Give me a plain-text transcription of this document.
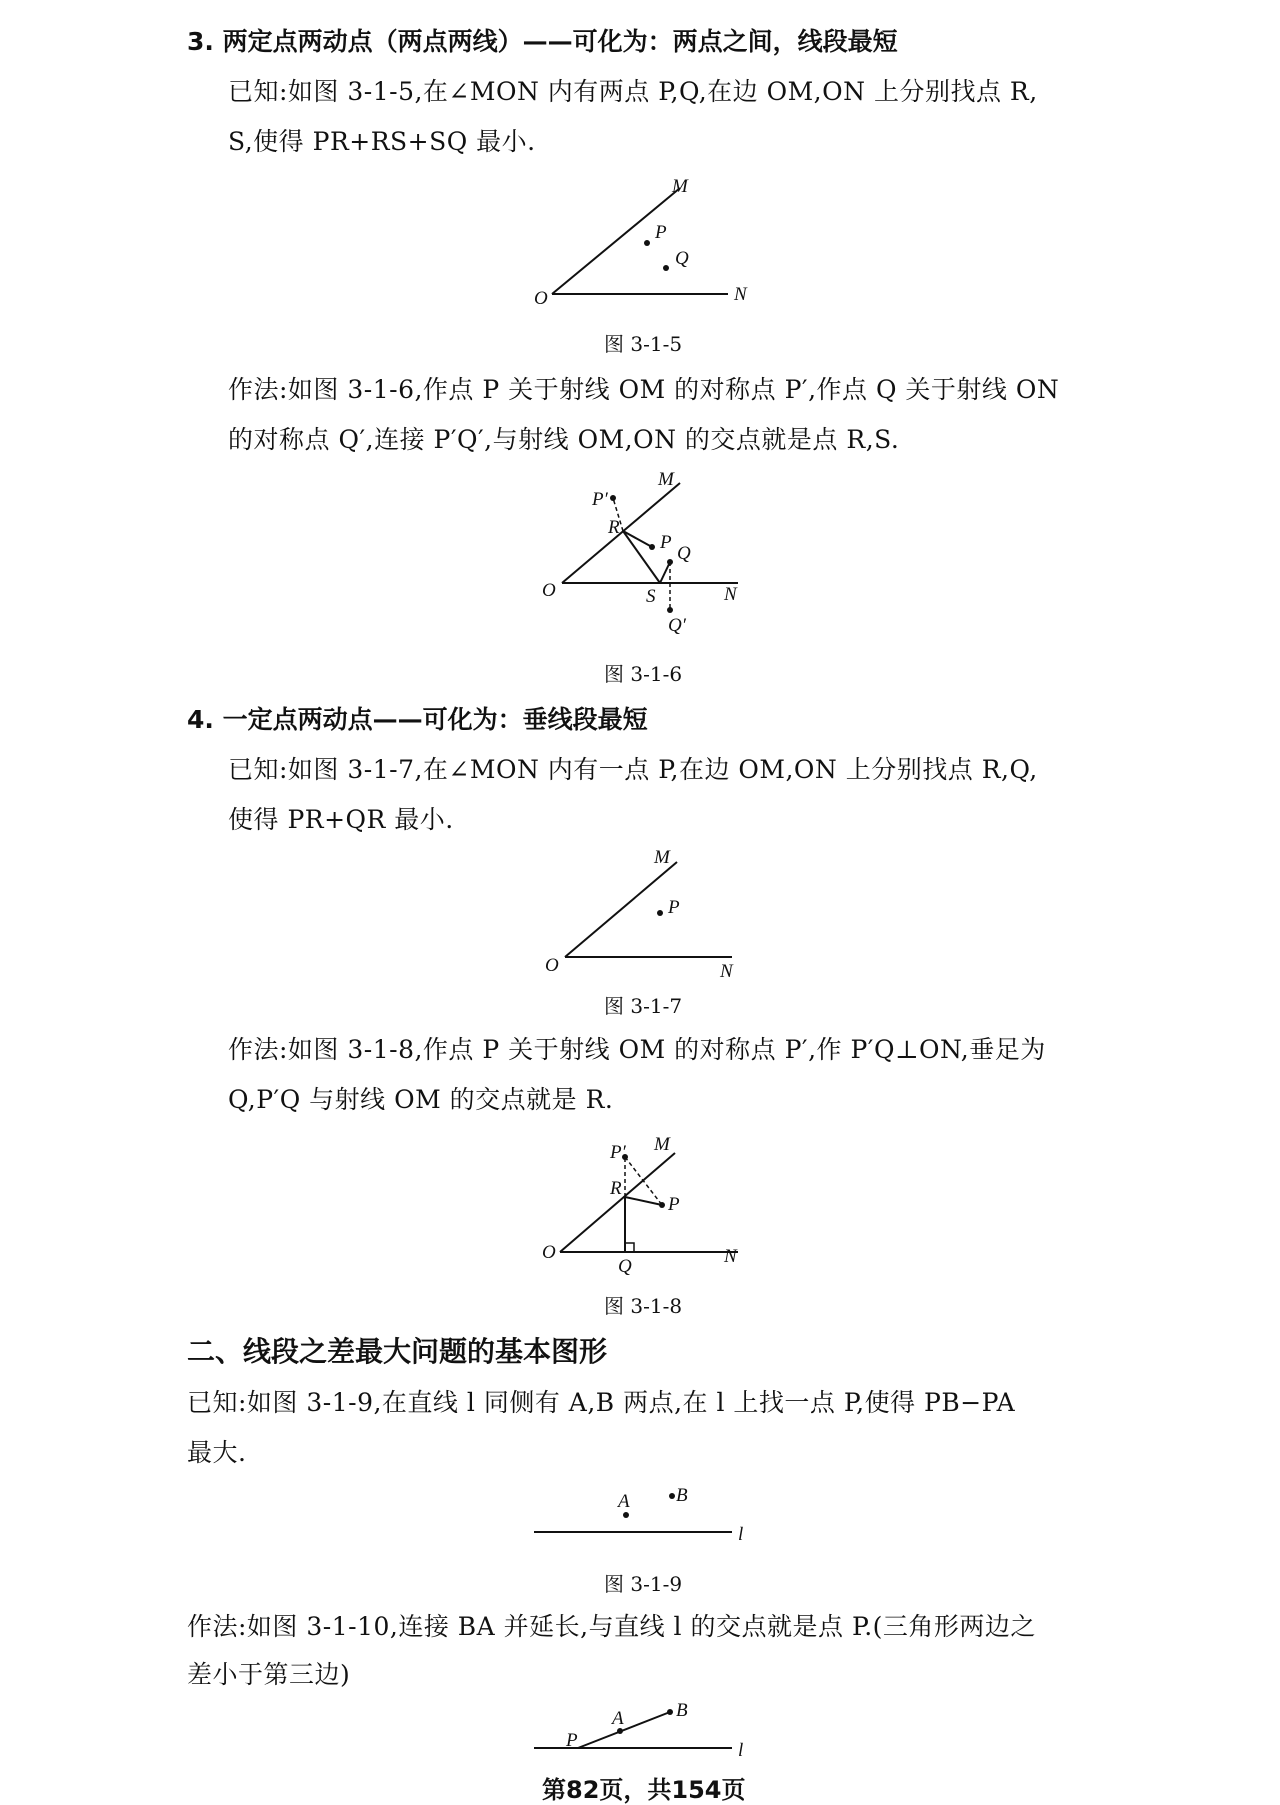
3. 两定点两动点（两点两线）——可化为：两点之间，线段最短
已知:如图 3-1-5,在∠MON 内有两点 P,Q,在边 OM,ON 上分别找点 R,
S,使得 PR+RS+SQ 最小.
M
P
Q
O	N
图 3-1-5
作法:如图 3-1-6,作点 P 关于射线 OM 的对称点 P′,作点 Q 关于射线 ON
的对称点 Q′,连接 P′Q′,与射线 OM,ON 的交点就是点 R,S.
P′
M
R
P
Q
O	S	N
Q′
图 3-1-6
4. 一定点两动点——可化为：垂线段最短
已知:如图 3-1-7,在∠MON 内有一点 P,在边 OM,ON 上分别找点 R,Q,
使得 PR+QR 最小.
M
P
O	N
图 3-1-7
作法:如图 3-1-8,作点 P 关于射线 OM 的对称点 P′,作 P′Q⊥ON,垂足为
Q,P′Q 与射线 OM 的交点就是 R.
P′ M
R
P
O
Q	N
图 3-1-8
二、线段之差最大问题的基本图形
已知:如图 3-1-9,在直线 l 同侧有 A,B 两点,在 l 上找一点 P,使得 PB−PA
最大.
A B
l
图 3-1-9
作法:如图 3-1-10,连接 BA 并延长,与直线 l 的交点就是点 P.(三角形两边之
差小于第三边)
B
A
P	l
第82页，共154页
